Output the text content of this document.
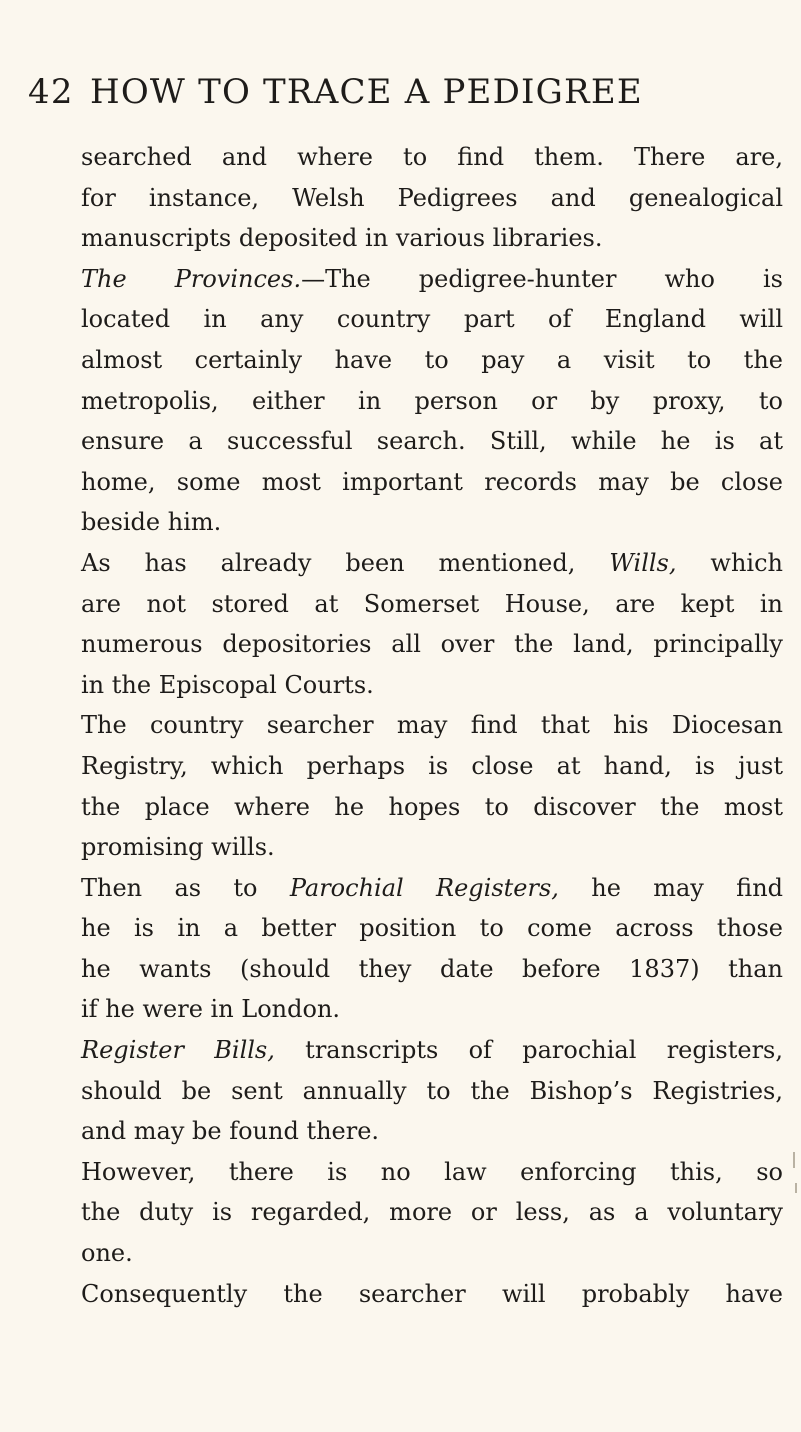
42 HOW TO TRACE A PEDIGREE
searched and where to find them. There are,
for instance, Welsh Pedigrees and genealogical
manuscripts deposited in various libraries.
The Provinces.—The pedigree-hunter who is
located in any country part of England will
almost certainly have to pay a visit to the
metropolis, either in person or by proxy, to
ensure a successful search. Still, while he is at
home, some most important records may be close
beside him.
As has already been mentioned, Wills, which
are not stored at Somerset House, are kept in
numerous depositories all over the land, principally
in the Episcopal Courts.
The country searcher may find that his Diocesan
Registry, which perhaps is close at hand, is just
the place where he hopes to discover the most
promising wills.
Then as to Parochial Registers, he may find
he is in a better position to come across those
he wants (should they date before 1837) than
if he were in London.
Register Bills, transcripts of parochial registers,
should be sent annually to the Bishop’s Registries,
and may be found there.
However, there is no law enforcing this, so
the duty is regarded, more or less, as a voluntary
one.
Consequently the searcher will probably have
